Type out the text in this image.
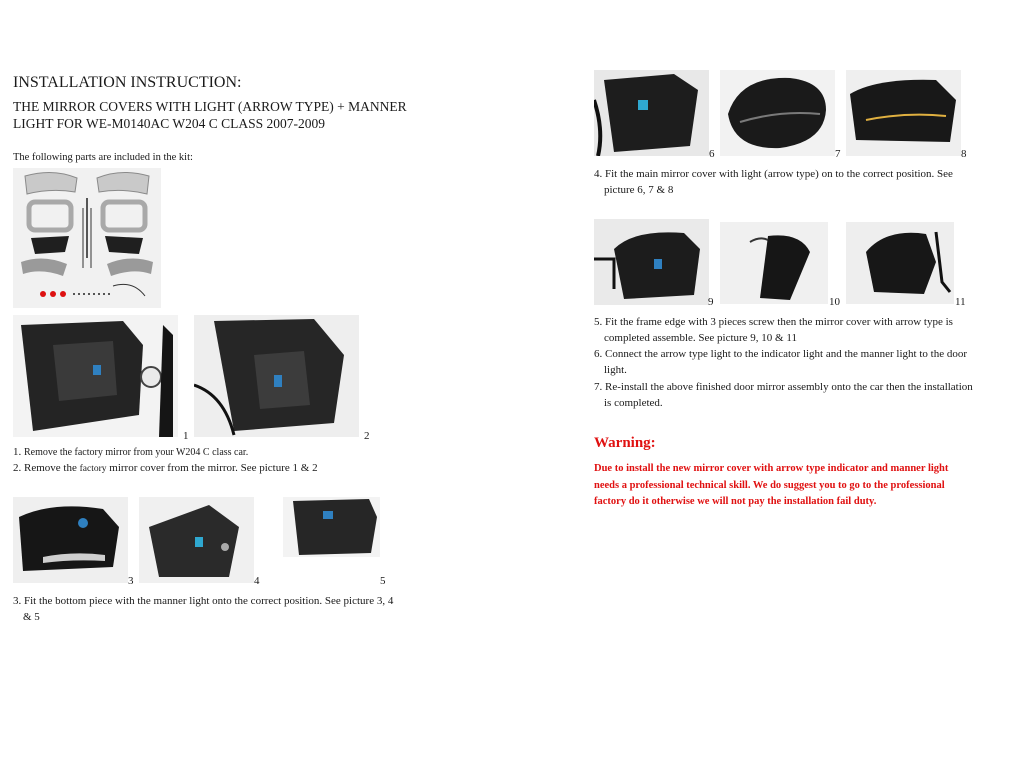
INSTALLATION INSTRUCTION:
THE MIRROR COVERS WITH LIGHT (ARROW TYPE) + MANNER
LIGHT FOR WE-M0140AC W204 C CLASS 2007-2009
The following parts are included in the kit:
1	2
1. Remove the factory mirror from your W204 C class car.
2. Remove the factory mirror cover from the mirror. See picture 1 & 2
3	4	5
3. Fit the bottom piece with the manner light onto the correct position. See picture 3, 4
& 5
6	7	8
4. Fit the main mirror cover with light (arrow type) on to the correct position. See
picture 6, 7 & 8
9	10	11
5. Fit the frame edge with 3 pieces screw then the mirror cover with arrow type is
completed assemble. See picture 9, 10 & 11
6. Connect the arrow type light to the indicator light and the manner light to the door
light.
7. Re-install the above finished door mirror assembly onto the car then the installation
is completed.
Warning:
Due to install the new mirror cover with arrow type indicator and manner light
needs a professional technical skill. We do suggest you to go to the professional
factory do it otherwise we will not pay the installation fail duty.
